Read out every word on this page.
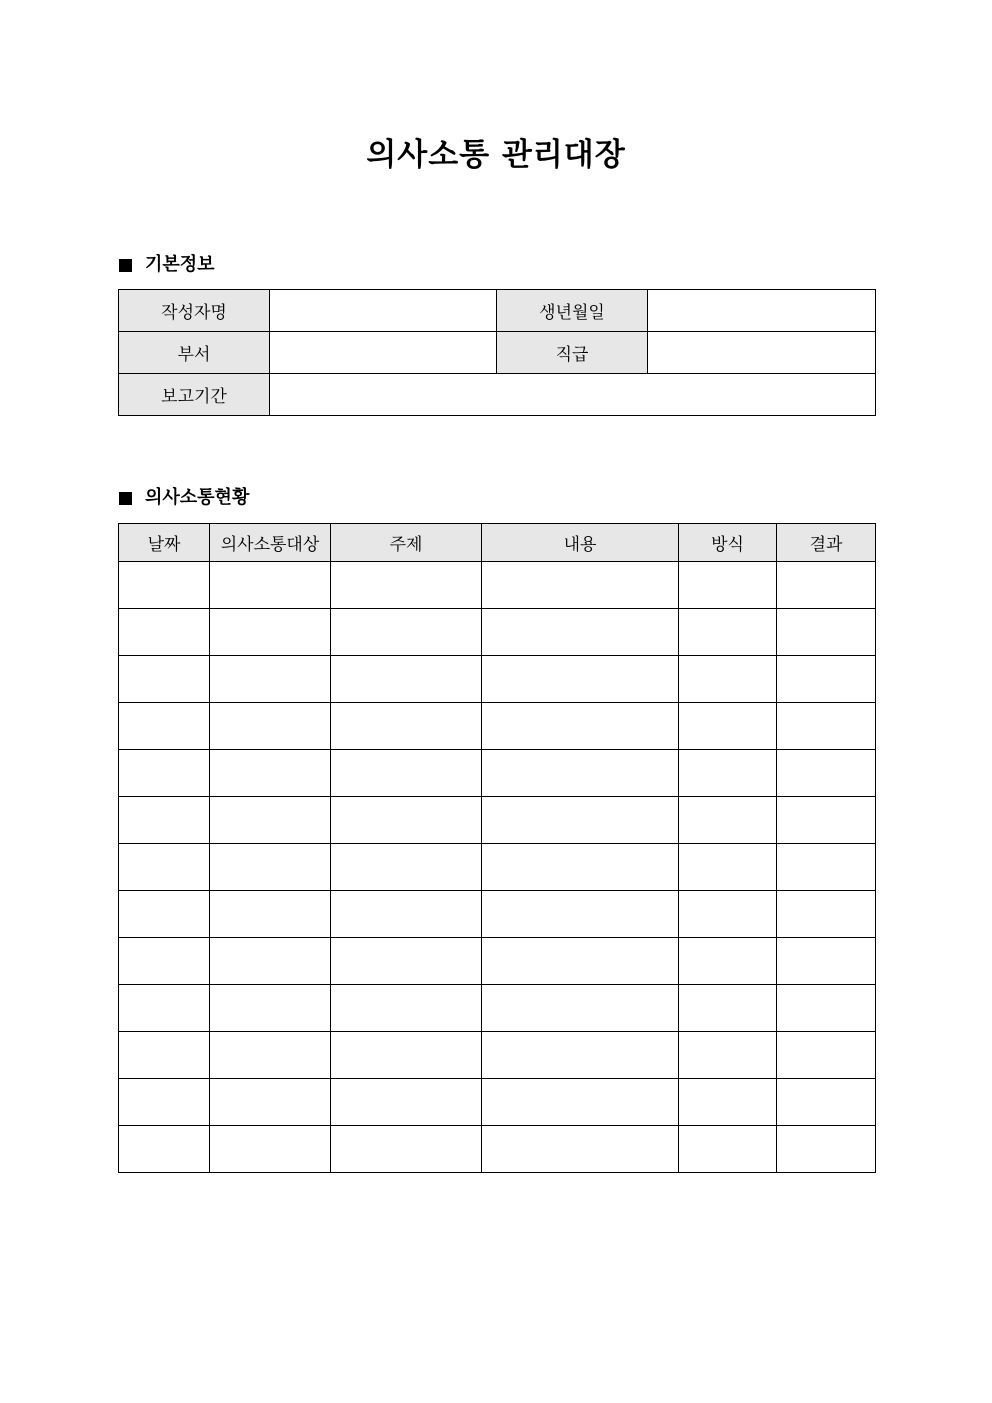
의사소통 관리대장
기본정보
작성자명		생년월일	
부서		직급	
보고기간			
의사소통현황
날짜	의사소통대상	주제	내용	방식	결과
